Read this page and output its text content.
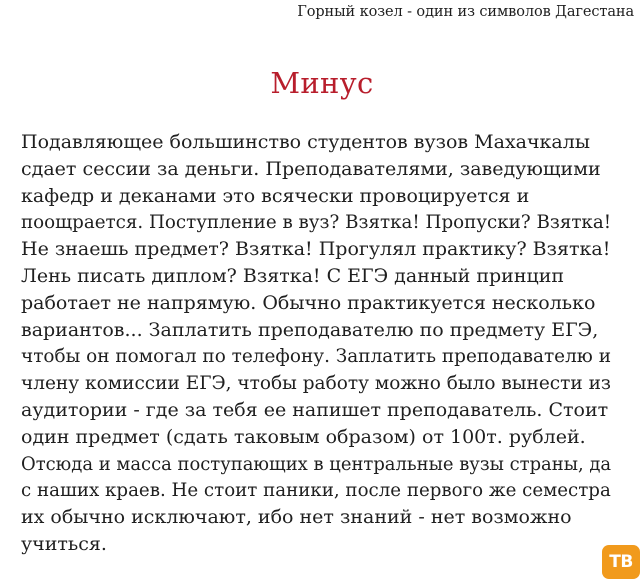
Горный козел - один из символов Дагестана
Минус
Подавляющее большинство студентов вузов Махачкалы
сдает сессии за деньги. Преподавателями, заведующими
кафедр и деканами это всячески провоцируется и
поощрается. Поступление в вуз? Взятка! Пропуски? Взятка!
Не знаешь предмет? Взятка! Прогулял практику? Взятка!
Лень писать диплом? Взятка! С ЕГЭ данный принцип
работает не напрямую. Обычно практикуется несколько
вариантов... Заплатить преподавателю по предмету ЕГЭ,
чтобы он помогал по телефону. Заплатить преподавателю и
члену комиссии ЕГЭ, чтобы работу можно было вынести из
аудитории - где за тебя ее напишет преподаватель. Стоит
один предмет (сдать таковым образом) от 100т. рублей.
Отсюда и масса поступающих в центральные вузы страны, да
с наших краев. Не стоит паники, после первого же семестра
их обычно исключают, ибо нет знаний - нет возможно
учиться.
ТВ
